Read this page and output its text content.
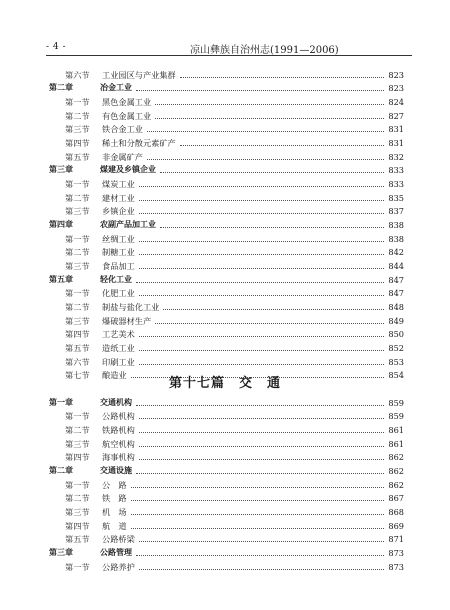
- 4 -	凉山彝族自治州志(1991—2006)
第六节	工业园区与产业集群	823
第二章	冶金工业	823
第一节	黑色金属工业	824
第二节	有色金属工业	827
第三节	铁合金工业	831
第四节	稀土和分散元素矿产	831
第五节	非金属矿产	832
第三章	煤建及乡镇企业	833
第一节	煤炭工业	833
第二节	建材工业	835
第三节	乡镇企业	837
第四章	农副产品加工业	838
第一节	丝绸工业	838
第二节	制糖工业	842
第三节	食品加工	844
第五章	轻化工业	847
第一节	化肥工业	847
第二节	制盐与盐化工业	848
第三节	爆破器材生产	849
第四节	工艺美术	850
第五节	造纸工业	852
第六节	印刷工业	853
第七节	酿造业	854
第十七篇　交　通
第一章	交通机构	859
第一节	公路机构	859
第二节	铁路机构	861
第三节	航空机构	861
第四节	海事机构	862
第二章	交通设施	862
第一节	公　路	862
第二节	铁　路	867
第三节	机　场	868
第四节	航　道	869
第五节	公路桥梁	871
第三章	公路管理	873
第一节	公路养护	873
